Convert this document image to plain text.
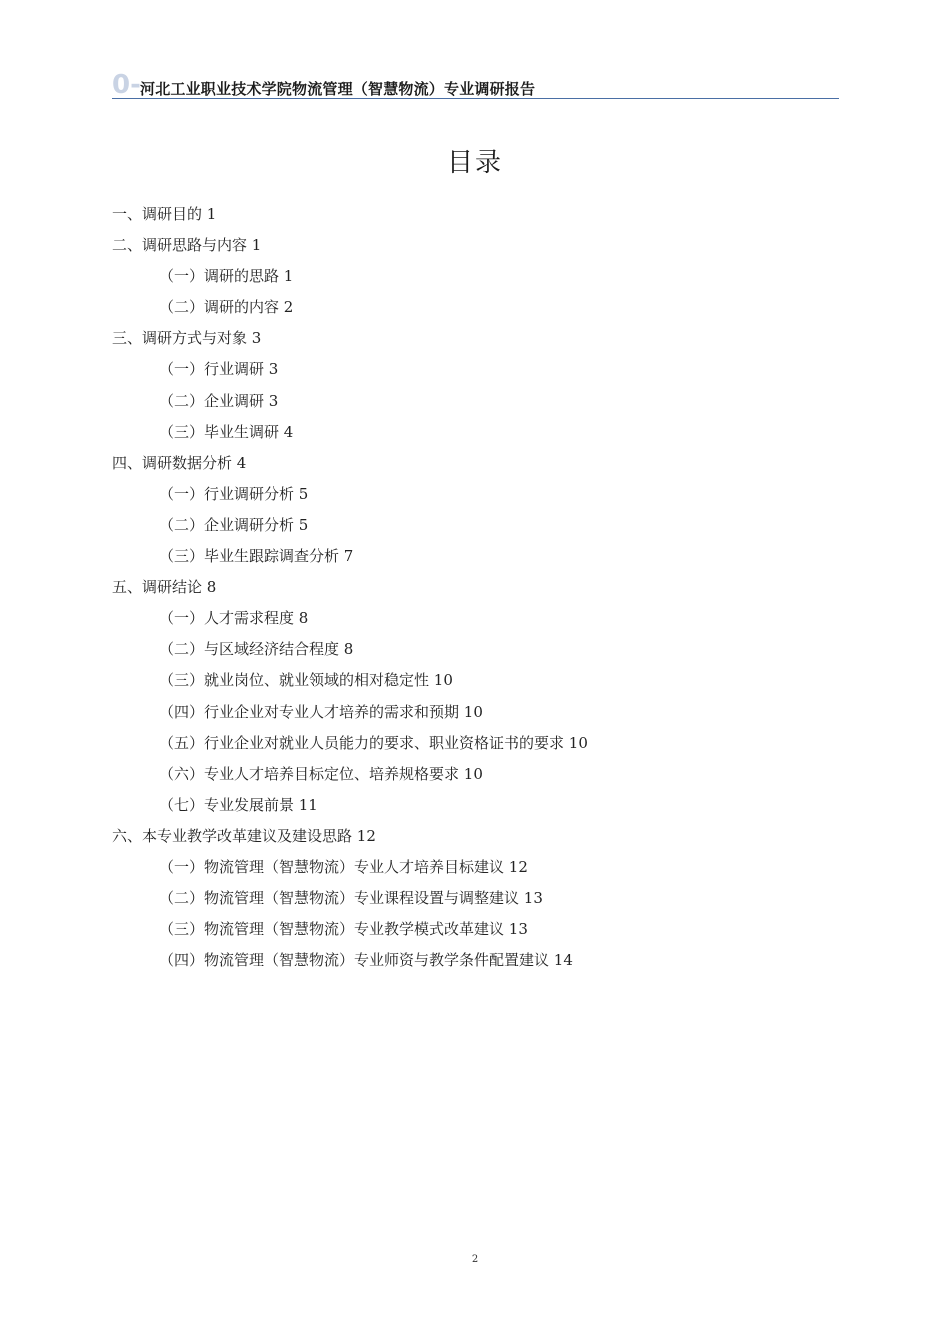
0- 河北工业职业技术学院物流管理（智慧物流）专业调研报告
目录
一、调研目的 1
二、调研思路与内容 1
（一）调研的思路 1
（二）调研的内容 2
三、调研方式与对象 3
（一）行业调研 3
（二）企业调研 3
（三）毕业生调研 4
四、调研数据分析 4
（一）行业调研分析 5
（二）企业调研分析 5
（三）毕业生跟踪调查分析 7
五、调研结论 8
（一）人才需求程度 8
（二）与区域经济结合程度 8
（三）就业岗位、就业领域的相对稳定性 10
（四）行业企业对专业人才培养的需求和预期 10
（五）行业企业对就业人员能力的要求、职业资格证书的要求 10
（六）专业人才培养目标定位、培养规格要求 10
（七）专业发展前景 11
六、本专业教学改革建议及建设思路 12
（一）物流管理（智慧物流）专业人才培养目标建议 12
（二）物流管理（智慧物流）专业课程设置与调整建议 13
（三）物流管理（智慧物流）专业教学模式改革建议 13
（四）物流管理（智慧物流）专业师资与教学条件配置建议 14
2
